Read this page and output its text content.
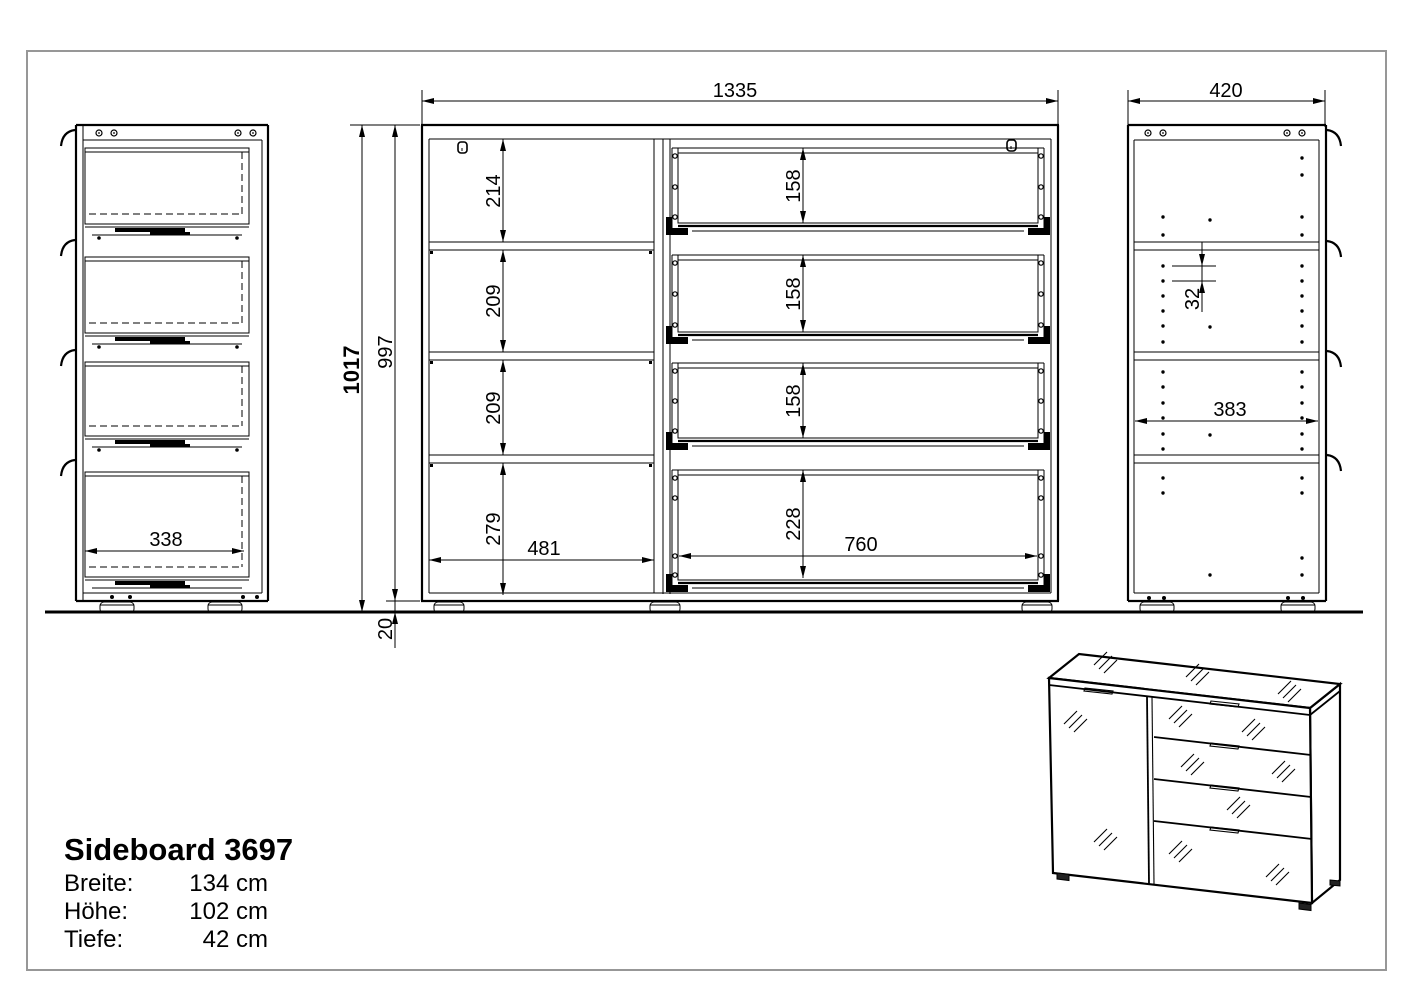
338
1335
1017 997
20
214
209
209
279
481
158
158
158
228
760
32
383
420
Sideboard 3697
Breite:	134 cm
Höhe:	102 cm
Tiefe:	42 cm
